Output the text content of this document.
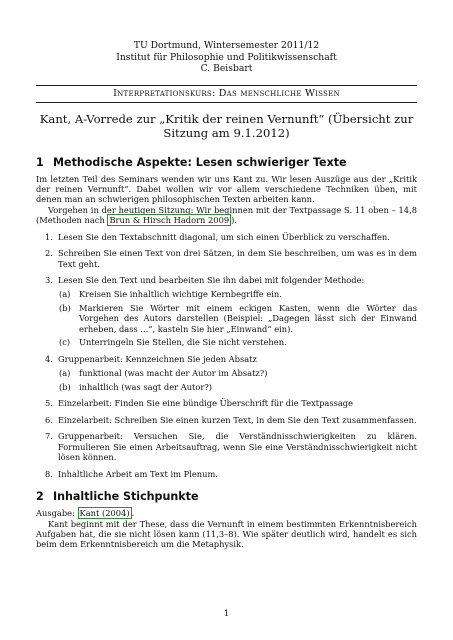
TU Dortmund, Wintersemester 2011/12
Institut für Philosophie und Politikwissenschaft
C. Beisbart
Interpretationskurs: Das menschliche Wissen
Kant, A-Vorrede zur „Kritik der reinen Vernunft“ (Übersicht zur
Sitzung am 9.1.2012)
1 Methodische Aspekte: Lesen schwieriger Texte

Im letzten Teil des Seminars wenden wir uns Kant zu. Wir lesen Auszüge aus der „Kritik der reinen Vernunft“. Dabei wollen wir vor allem verschiedene Techniken üben, mit denen man an schwierigen philosophischen Texten arbeiten kann.

Vorgehen in der heutigen Sitzung: Wir beginnen mit der Textpassage S. 11 oben – 14,8 (Methoden nach Brun & Hirsch Hadorn 2009 ).

1. Lesen Sie den Textabschnitt diagonal, um sich einen Überblick zu verschaffen.
2. Schreiben Sie einen Text von drei Sätzen, in dem Sie beschreiben, um was es in dem Text geht.
3. Lesen Sie den Text und bearbeiten Sie ihn dabei mit folgender Methode:
(a) Kreisen Sie inhaltlich wichtige Kernbegriffe ein.
(b) Markieren Sie Wörter mit einem eckigen Kasten, wenn die Wörter das Vorgehen des Autors darstellen (Beispiel: „Dagegen lässt sich der Einwand erheben, dass ...“, kasteln Sie hier „Einwand“ ein).
(c) Unterringeln Sie Stellen, die Sie nicht verstehen.
4. Gruppenarbeit: Kennzeichnen Sie jeden Absatz
(a) funktional (was macht der Autor im Absatz?)
(b) inhaltlich (was sagt der Autor?)
5. Einzelarbeit: Finden Sie eine bündige Überschrift für die Textpassage
6. Einzelarbeit: Schreiben Sie einen kurzen Text, in dem Sie den Text zusammenfassen.
7. Gruppenarbeit: Versuchen Sie, die Verständnisschwierigkeiten zu klären. Formulieren Sie einen Arbeitsauftrag, wenn Sie eine Verständnisschwierigkeit nicht lösen können.
8. Inhaltliche Arbeit am Text im Plenum.
2 Inhaltliche Stichpunkte

Ausgabe: Kant (2004) .

Kant beginnt mit der These, dass die Vernunft in einem bestimmten Erkenntnisbereich Aufgaben hat, die sie nicht lösen kann (11,3–8). Wie später deutlich wird, handelt es sich beim dem Erkenntnisbereich um die Metaphysik.

1
